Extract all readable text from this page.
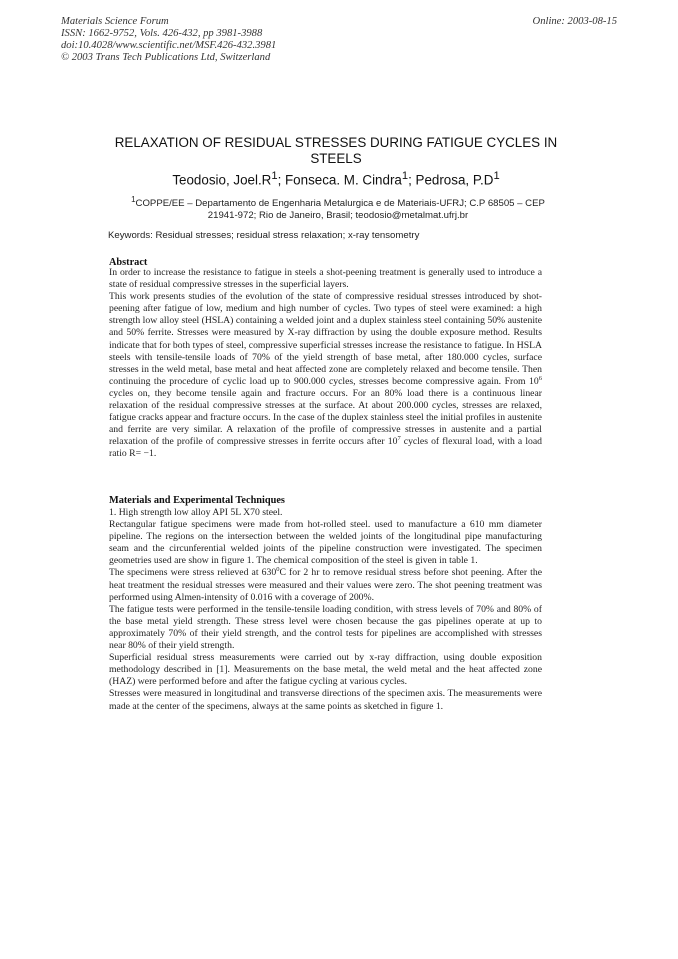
Materials Science Forum
ISSN: 1662-9752, Vols. 426-432, pp 3981-3988
doi:10.4028/www.scientific.net/MSF.426-432.3981
© 2003 Trans Tech Publications Ltd, Switzerland
Online: 2003-08-15
RELAXATION OF RESIDUAL STRESSES DURING FATIGUE CYCLES IN
STEELS
Teodosio, $Joel.R^1$; Fonseca. M. Cindra$^1$; Pedrosa, $P.D^1$
$^1$COPPE/EE – Departamento de Engenharia Metalurgica e de Materiais-UFRJ; C.P 68505 – CEP
21941-972; Rio de Janeiro, Brasil; teodosio@metalmat.ufrj.br
Keywords: Residual stresses; residual stress relaxation; x-ray tensometry
Abstract

In order to increase the resistance to fatigue in steels a shot-peening treatment is generally used to introduce a state of residual compressive stresses in the superficial layers.

This work presents studies of the evolution of the state of compressive residual stresses introduced by shot-peening after fatigue of low, medium and high number of cycles. Two types of steel were examined: a high strength low alloy steel (HSLA) containing a welded joint and a duplex stainless steel containing 50% austenite and 50% ferrite. Stresses were measured by X-ray diffraction by using the double exposure method. Results indicate that for both types of steel, compressive superficial stresses increase the resistance to fatigue. In HSLA steels with tensile-tensile loads of 70% of the yield strength of base metal, after 180.000 cycles, surface stresses in the weld metal, base metal and heat affected zone are completely relaxed and become tensile. Then continuing the procedure of cyclic load up to 900.000 cycles, stresses become compressive again. From $10^6$ cycles on, they become tensile again and fracture occurs. For an 80% load there is a continuous linear relaxation of the residual compressive stresses at the surface. At about 200.000 cycles, stresses are relaxed, fatigue cracks appear and fracture occurs. In the case of the duplex stainless steel the initial profiles in austenite and ferrite are very similar. A relaxation of the profile of compressive stresses in austenite and a partial relaxation of the profile of compressive stresses in ferrite occurs after $10^7$ cycles of flexural load, with a load ratio R= −1.

Materials and Experimental Techniques

1. High strength low alloy API 5L X70 steel.

Rectangular fatigue specimens were made from hot-rolled steel. used to manufacture a 610 mm diameter pipeline. The regions on the intersection between the welded joints of the longitudinal pipe manufacturing seam and the circunferential welded joints of the pipeline construction were investigated. The specimen geometries used are show in figure 1. The chemical composition of the steel is given in table 1.

The specimens were stress relieved at $630^0C$ for 2 hr to remove residual stress before shot peening. After the heat treatment the residual stresses were measured and their values were zero. The shot peening treatment was performed using Almen-intensity of 0.016 with a coverage of 200%.

The fatigue tests were performed in the tensile-tensile loading condition, with stress levels of 70% and 80% of the base metal yield strength. These stress level were chosen because the gas pipelines operate at up to approximately 70% of their yield strength, and the control tests for pipelines are accomplished with stresses near 80% of their yield strength.

Superficial residual stress measurements were carried out by x-ray diffraction, using double exposition methodology described in [1]. Measurements on the base metal, the weld metal and the heat affected zone (HAZ) were performed before and after the fatigue cycling at various cycles.

Stresses were measured in longitudinal and transverse directions of the specimen axis. The measurements were made at the center of the specimens, always at the same points as sketched in figure 1.
